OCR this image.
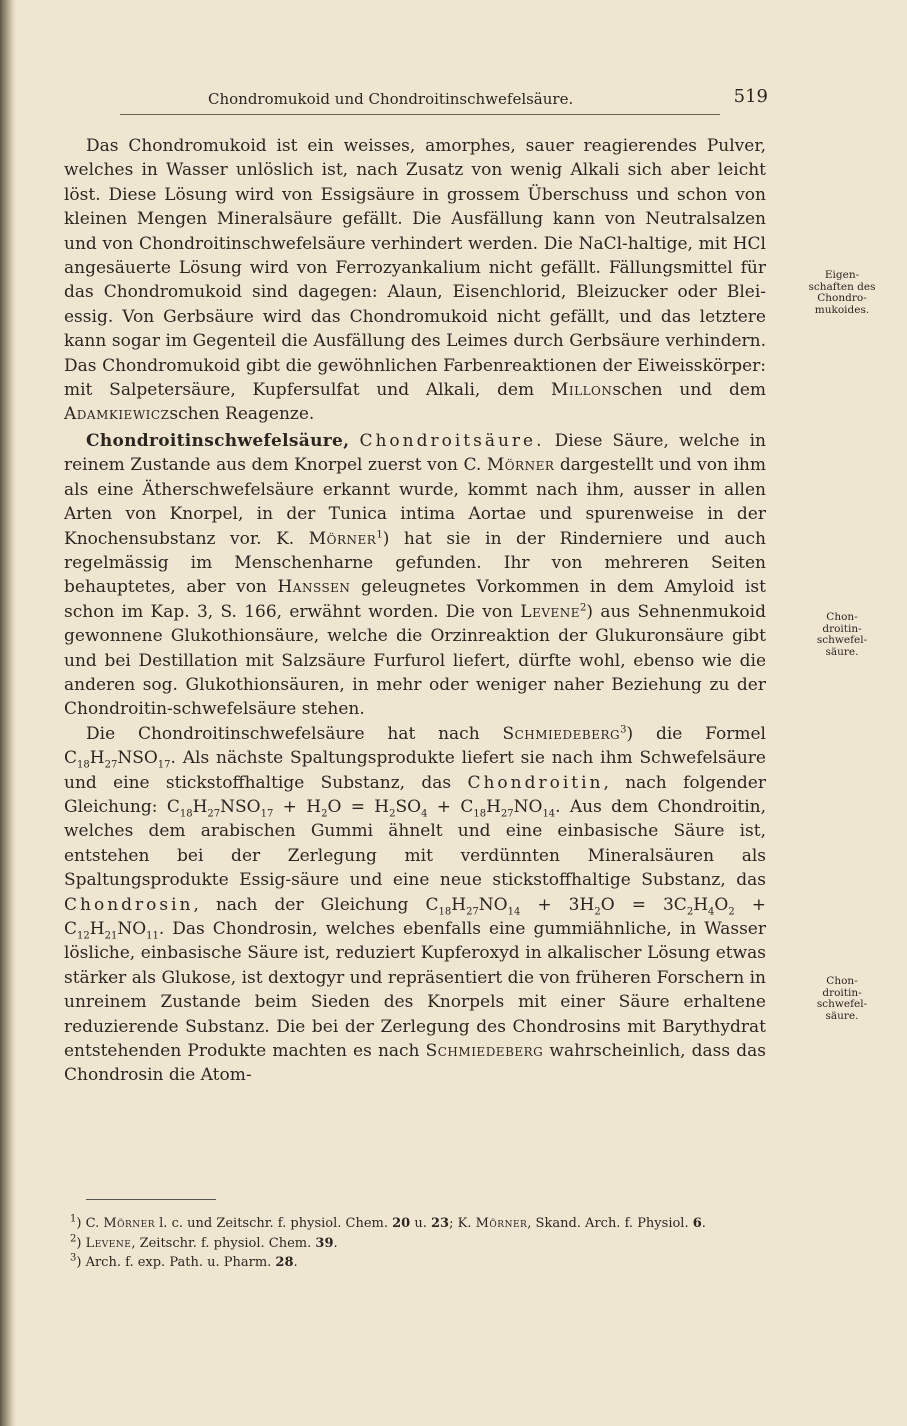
Chondromukoid und Chondroitinschwefelsäure.	519

Das Chondromukoid ist ein weisses, amorphes, sauer reagierendes Pulver, welches in Wasser unlöslich ist, nach Zusatz von wenig Alkali sich aber leicht löst. Diese Lösung wird von Essigsäure in grossem Überschuss und schon von kleinen Mengen Mineralsäure gefällt. Die Ausfällung kann von Neutralsalzen und von Chondroitinschwefelsäure verhindert werden. Die NaCl-haltige, mit HCl angesäuerte Lösung wird von Ferrozyankalium nicht gefällt. Fällungsmittel für das Chondromukoid sind dagegen: Alaun, Eisenchlorid, Bleizucker oder Blei-essig. Von Gerbsäure wird das Chondromukoid nicht gefällt, und das letztere kann sogar im Gegenteil die Ausfällung des Leimes durch Gerbsäure verhindern. Das Chondromukoid gibt die gewöhnlichen Farbenreaktionen der Eiweisskörper: mit Salpetersäure, Kupfersulfat und Alkali, dem Millonschen und dem Adamkiewiczschen Reagenze.

Chondroitinschwefelsäure, Chondroitsäure. Diese Säure, welche in reinem Zustande aus dem Knorpel zuerst von C. Mörner dargestellt und von ihm als eine Ätherschwefelsäure erkannt wurde, kommt nach ihm, ausser in allen Arten von Knorpel, in der Tunica intima Aortae und spurenweise in der Knochensubstanz vor. K. Mörner$^1$) hat sie in der Rinderniere und auch regelmässig im Menschenharne gefunden. Ihr von mehreren Seiten behauptetes, aber von Hanssen geleugnetes Vorkommen in dem Amyloid ist schon im Kap. 3, S. 166, erwähnt worden. Die von Levene$^2$) aus Sehnenmukoid gewonnene Glukothionsäure, welche die Orzinreaktion der Glukuronsäure gibt und bei Destillation mit Salzsäure Furfurol liefert, dürfte wohl, ebenso wie die anderen sog. Glukothionsäuren, in mehr oder weniger naher Beziehung zu der Chondroitin-schwefelsäure stehen.

Die Chondroitinschwefelsäure hat nach Schmiedeberg$^3$) die Formel $C_{18}H_{27}NSO_{17}$. Als nächste Spaltungsprodukte liefert sie nach ihm Schwefelsäure und eine stickstoffhaltige Substanz, das Chondroitin, nach folgender Gleichung: $C_{18}H_{27}NSO_{17} + H_2O = H_2SO_4 + C_{18}H_{27}NO_{14}$. Aus dem Chondroitin, welches dem arabischen Gummi ähnelt und eine einbasische Säure ist, entstehen bei der Zerlegung mit verdünnten Mineralsäuren als Spaltungsprodukte Essig-säure und eine neue stickstoffhaltige Substanz, das Chondrosin, nach der Gleichung $C_{18}H_{27}NO_{14} + 3H_2O = 3C_2H_4O_2 + C_{12}H_{21}NO_{11}$. Das Chondrosin, welches ebenfalls eine gummiähnliche, in Wasser lösliche, einbasische Säure ist, reduziert Kupferoxyd in alkalischer Lösung etwas stärker als Glukose, ist dextogyr und repräsentiert die von früheren Forschern in unreinem Zustande beim Sieden des Knorpels mit einer Säure erhaltene reduzierende Substanz. Die bei der Zerlegung des Chondrosins mit Barythydrat entstehenden Produkte machten es nach Schmiedeberg wahrscheinlich, dass das Chondrosin die Atom-

Eigen-
schaften des
Chondro-
mukoides.
Chon-
droitin-
schwefel-
säure.
Chon-
droitin-
schwefel-
säure.
$^1$) C. Mörner l. c. und Zeitschr. f. physiol. Chem. 20 u. 23; K. Mörner, Skand. Arch. f. Physiol. 6.
$^2$) Levene, Zeitschr. f. physiol. Chem. 39.
$^3$) Arch. f. exp. Path. u. Pharm. 28.
